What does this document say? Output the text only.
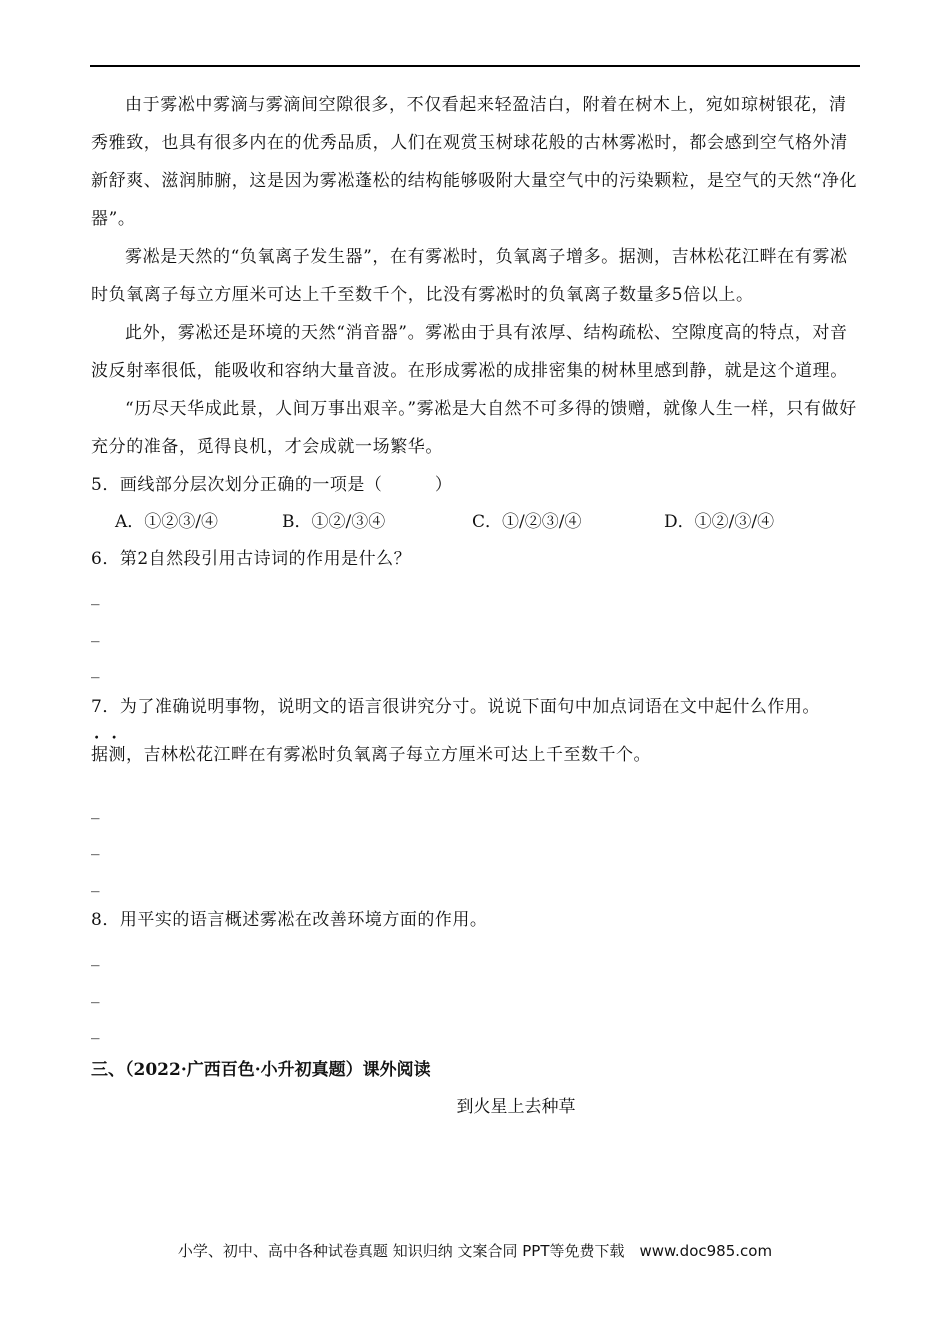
由于雾凇中雾滴与雾滴间空隙很多，不仅看起来轻盈洁白，附着在树木上，宛如琼树银花，清秀雅致，也具有很多内在的优秀品质，人们在观赏玉树球花般的古林雾凇时，都会感到空气格外清新舒爽、滋润肺腑，这是因为雾凇蓬松的结构能够吸附大量空气中的污染颗粒，是空气的天然“净化器”。

雾凇是天然的“负氧离子发生器”，在有雾凇时，负氧离子增多。据测，吉林松花江畔在有雾凇时负氧离子每立方厘米可达上千至数千个，比没有雾凇时的负氧离子数量多5倍以上。

此外，雾凇还是环境的天然“消音器”。雾凇由于具有浓厚、结构疏松、空隙度高的特点，对音波反射率很低，能吸收和容纳大量音波。在形成雾凇的成排密集的树林里感到静，就是这个道理。

“历尽天华成此景，人间万事出艰辛。”雾凇是大自然不可多得的馈赠，就像人生一样，只有做好充分的准备，觅得良机，才会成就一场繁华。

5．画线部分层次划分正确的一项是（　　　）

A．①②③/④	B．①②/③④	C．①/②③/④	D．①②/③/④

6．第2自然段引用古诗词的作用是什么？

_

_

_

7．为了准确说明事物，说明文的语言很讲究分寸。说说下面句中加点词语在文中起什么作用。

．．

据测，吉林松花江畔在有雾凇时负氧离子每立方厘米可达上千至数千个。

_

_

_

8．用平实的语言概述雾凇在改善环境方面的作用。

_

_

_

三、（2022·广西百色·小升初真题）课外阅读

到火星上去种草

小学、初中、高中各种试卷真题 知识归纳 文案合同 PPT等免费下载　www.doc985.com
